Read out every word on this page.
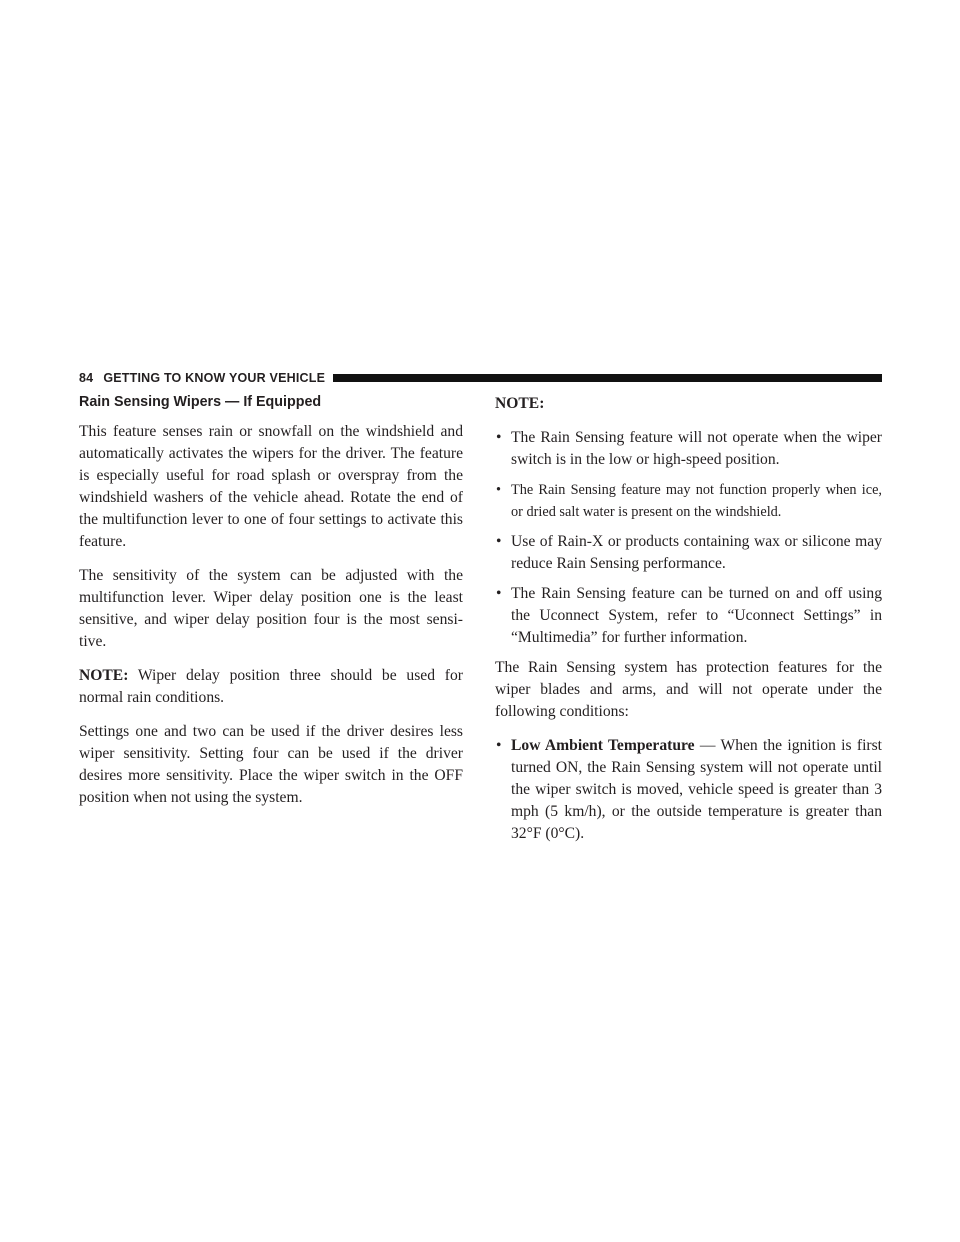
84 GETTING TO KNOW YOUR VEHICLE
Rain Sensing Wipers — If Equipped

This feature senses rain or snowfall on the windshield and automatically activates the wipers for the driver. The feature is especially useful for road splash or overspray from the windshield washers of the vehicle ahead. Rotate the end of the multifunction lever to one of four settings to activate this feature.

The sensitivity of the system can be adjusted with the multifunction lever. Wiper delay position one is the least sensitive, and wiper delay position four is the most sensi-tive.

NOTE: Wiper delay position three should be used for normal rain conditions.

Settings one and two can be used if the driver desires less wiper sensitivity. Setting four can be used if the driver desires more sensitivity. Place the wiper switch in the OFF position when not using the system.

NOTE:

• The Rain Sensing feature will not operate when the wiper switch is in the low or high-speed position.
• The Rain Sensing feature may not function properly when ice, or dried salt water is present on the windshield.
• Use of Rain-X or products containing wax or silicone may reduce Rain Sensing performance.
• The Rain Sensing feature can be turned on and off using the Uconnect System, refer to “Uconnect Settings” in “Multimedia” for further information.

The Rain Sensing system has protection features for the wiper blades and arms, and will not operate under the following conditions:

• Low Ambient Temperature — When the ignition is first turned ON, the Rain Sensing system will not operate until the wiper switch is moved, vehicle speed is greater than 3 mph (5 km/h), or the outside temperature is greater than 32°F (0°C).
